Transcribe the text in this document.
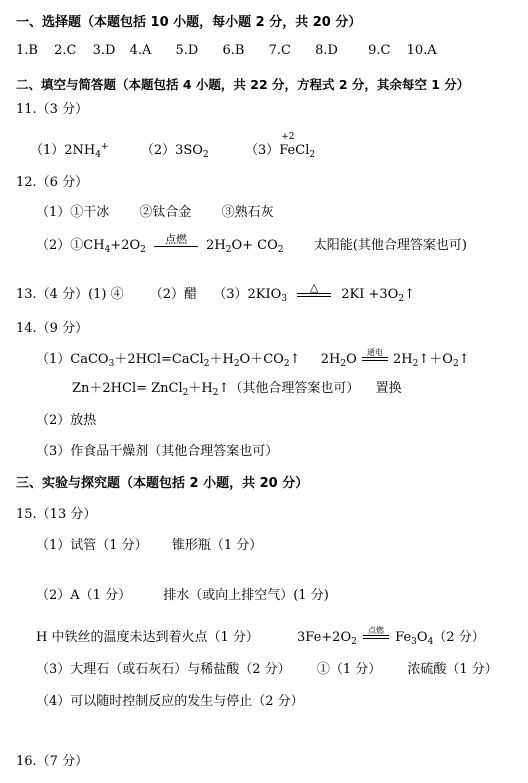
一、选择题（本题包括 10 小题，每小题 2 分，共 20 分）
1.B 2.C 3.D 4.A 5.D 6.B 7.C 8.D 9.C 10.A
二、填空与简答题（本题包括 4 小题，共 22 分，方程式 2 分，其余每空 1 分）
11.（3 分）
$(1)2NH_4^+$ $(2)3SO_2$	（3）
+2
FeCl$_2$
12.（6 分）
（1）①干冰 ②钛合金 ③熟石灰
$(2)①CH_4+2O_2$
点燃	$2H_2O+ CO_2$ 太阳能(其他合理答案也可)
13.（4 分）(1) ④ （2）醋 $(3)2KIO_3$
△	$2KI +3O_2↑$
14.（9 分）
$(1)CaCO_3+2HCl=CaCl_2+H_2O+CO_2↑$ $2H_2O$	通电 $2H_2↑+O_2↑$
$Zn+2HCl= ZnCl_2+H_2↑$（其他合理答案也可） 置换
（2）放热
（3）作食品干燥剂（其他合理答案也可）
三、实验与探究题（本题包括 2 小题，共 20 分）
15.（13 分）
（1）试管（1 分） 锥形瓶（1 分）
（2）A（1 分） 排水（或向上排空气）(1 分)
H 中铁丝的温度未达到着火点（1 分）	$3Fe+2O_2$
点燃 $Fe_3O_4(2$ 分）
（3）大理石（或石灰石）与稀盐酸（2 分） ①（1 分） 浓硫酸（1 分）
（4）可以随时控制反应的发生与停止（2 分）
16.（7 分）
